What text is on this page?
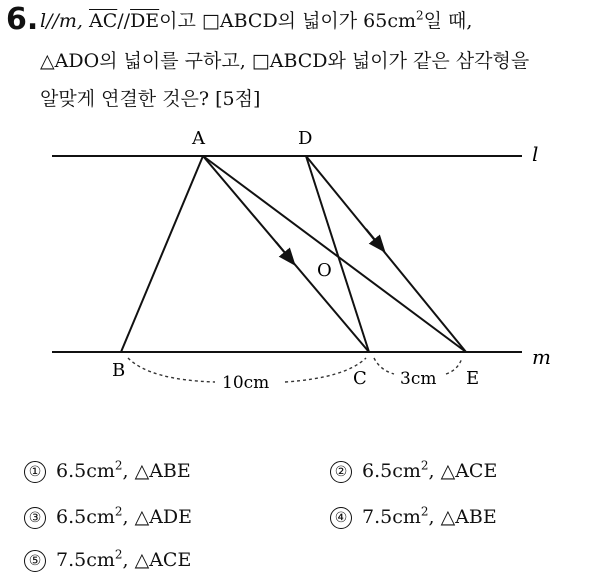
6. l//m, $\overline{AC}//\overline{DE}$이고 □ABCD의 넓이가 $65cm^2$일 때,
△ADO의 넓이를 구하고, □ABCD와 넓이가 같은 삼각형을
알맞게 연결한 것은? [5점]
A	D
O
B	C	E
l
m
10cm	3cm
① $6.5cm^2$, △ABE	② $6.5cm^2$, △ACE
③ $6.5cm^2$, △ADE	④ $7.5cm^2$, △ABE
⑤ $7.5cm^2$, △ACE
